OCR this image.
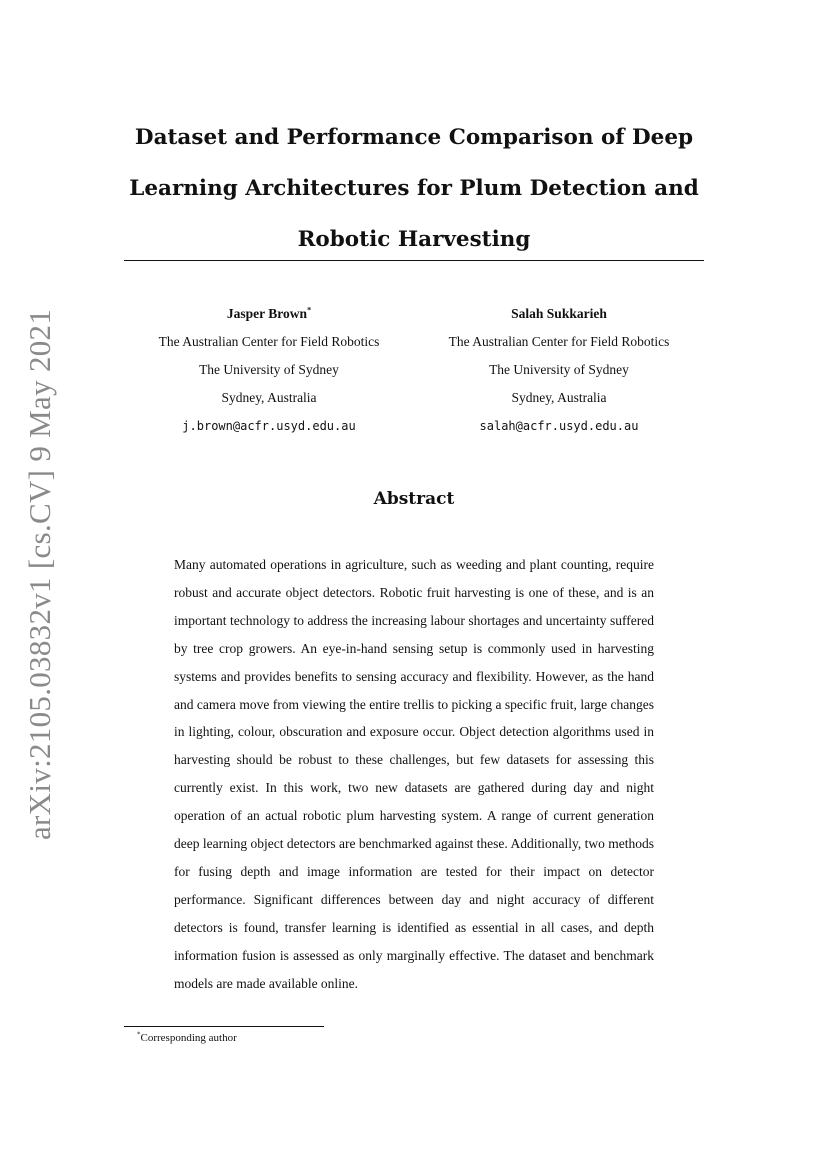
arXiv:2105.03832v1 [cs.CV] 9 May 2021
Dataset and Performance Comparison of Deep
Learning Architectures for Plum Detection and
Robotic Harvesting
Jasper Brown*
The Australian Center for Field Robotics
The University of Sydney
Sydney, Australia
j.brown@acfr.usyd.edu.au
Salah Sukkarieh
The Australian Center for Field Robotics
The University of Sydney
Sydney, Australia
salah@acfr.usyd.edu.au
Abstract

Many automated operations in agriculture, such as weeding and plant counting, require robust and accurate object detectors. Robotic fruit harvesting is one of these, and is an important technology to address the increasing labour shortages and uncertainty suffered by tree crop growers. An eye-in-hand sensing setup is commonly used in harvesting systems and provides benefits to sensing accuracy and flexibility. However, as the hand and camera move from viewing the entire trellis to picking a specific fruit, large changes in lighting, colour, obscuration and exposure occur. Object detection algorithms used in harvesting should be robust to these challenges, but few datasets for assessing this currently exist. In this work, two new datasets are gathered during day and night operation of an actual robotic plum harvesting system. A range of current generation deep learning object detectors are benchmarked against these. Additionally, two methods for fusing depth and image information are tested for their impact on detector performance. Significant differences between day and night accuracy of different detectors is found, transfer learning is identified as essential in all cases, and depth information fusion is assessed as only marginally effective. The dataset and benchmark models are made available online.

*Corresponding author
